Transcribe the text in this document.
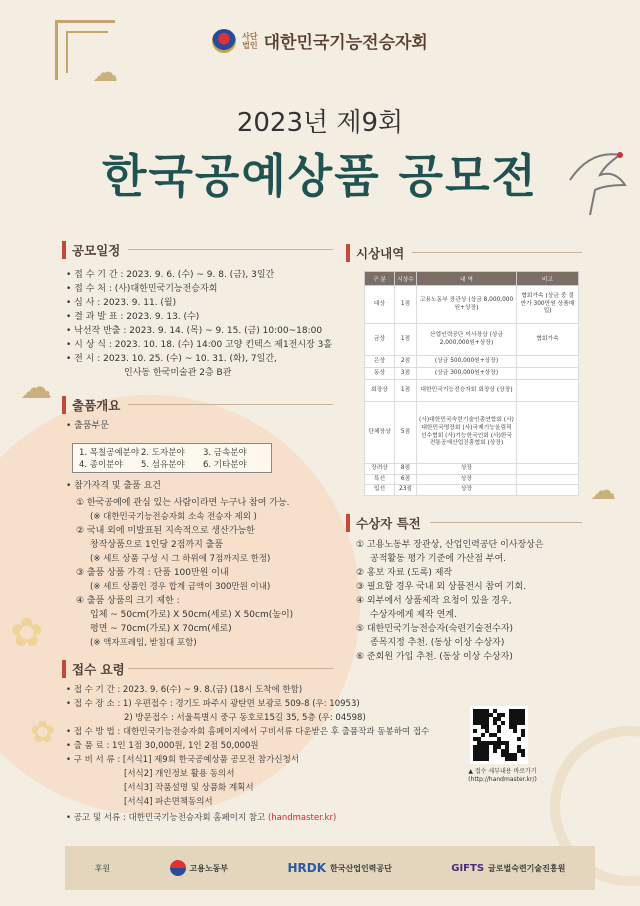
☁
☁
☁
✿
✿
사단
법인 대한민국기능전승자회
2023년 제9회
한국공예상품 공모전
공모일정
• 접 수 기 간 : 2023. 9. 6. (수) ~ 9. 8. (금), 3일간
• 접 수 처 : (사)대한민국기능전승자회
• 심 사 : 2023. 9. 11. (월)
• 결 과 발 표 : 2023. 9. 13. (수)
• 낙선작 반출 : 2023. 9. 14. (목) ~ 9. 15. (금) 10:00~18:00
• 시 상 식 : 2023. 10. 18. (수) 14:00 고양 킨텍스 제1전시장 3홀
• 전 시 : 2023. 10. 25. (수) ~ 10. 31. (화), 7일간,
인사동 한국미술관 2층 B관
출품개요
• 출품부문
1. 목칠공예분야 2. 도자분야	3. 금속분야
4. 종이분야	5. 섬유분야	6. 기타분야
• 참가자격 및 출품 요건
① 한국공예에 관심 있는 사람이라면 누구나 참여 가능.
(※ 대한민국기능전승자회 소속 전승자 제외 )
② 국내 외에 미발표된 지속적으로 생산가능한
창작상품으로 1인당 2점까지 출품
(※ 세트 상품 구성 시 그 하위에 7점까지로 한정)
③ 출품 상품 가격 : 단품 100만원 이내
(※ 세트 상품인 경우 합계 금액이 300만원 이내)
④ 출품 상품의 크기 제한 :
입체 ~ 50cm(가로) X 50cm(세로) X 50cm(높이)
평면 ~ 70cm(가로) X 70cm(세로)
(※ 액자프레임, 받침대 포함)
접수 요령
• 접 수 기 간 : 2023. 9. 6(수) ~ 9. 8.(금) (18시 도착에 한함)
• 접 수 장 소 : 1) 우편접수 : 경기도 파주시 광탄면 보광로 509-8 (우: 10953)
2) 방문접수 : 서울특별시 중구 동호로15길 35, 5층 (우: 04598)
• 접 수 방 법 : 대한민국기능전승자회 홈페이지에서 구비서류 다운받은 후 출품작과 동봉하여 접수
• 출 품 료 : 1인 1점 30,000원, 1인 2점 50,000원
• 구 비 서 류 : [서식1] 제9회 한국공예상품 공모전 참가신청서
[서식2] 개인정보 활용 동의서
[서식3] 작품설명 및 상품화 계획서
[서식4] 파손면책동의서
• 공고 및 서류 : 대한민국기능전승자회 홈페이지 참고 (handmaster.kr)
시상내역
구 분	시상수	내 역	비고
대상	1점	고용노동부 장관상 (상금 8,000,000원+상장)	협회가속 (상금 중 절반가 300만원 상품매입)
금상	1점	산업인력공단 이사장상 (상금 2,000,000원+상장)	협회가속
은상	2점	(상금 500,000원+상장)	
동상	3점	(상금 300,000원+상장)	
회장상	1점	대한민국기능전승자회 회장상 (상장)	
단체장상	5점	(사)대한민국숙련기술인총연합회 (사)대한민국명장회 (사)국제기능올림픽선수협회 (사)기능한국인회 (사)한국전통공예산업진흥협회 (상장)	
장려상	8점	상장	
특선	6점	상장	
입선	23점	상장	
수상자 특전
① 고용노동부 장관상, 산업인력공단 이사장상은
공적활동 평가 기준에 가산점 부여.
② 홍보 자료 (도록) 제작
③ 필요할 경우 국내 외 상품전시 참여 기회.
④ 외부에서 상품제작 요청이 있을 경우,
수상자에게 제작 연계.
⑤ 대한민국기능전승자(숙련기술전수자)
종목지정 추천. (동상 이상 수상자)
⑥ 준회원 가입 추천. (동상 이상 수상자)
▲ 접수 세부내용 바로가기 (http://handmaster.kr/)
후원	고용노동부	HRDK 한국산업인력공단	GIFTS 글로벌숙련기술진흥원
